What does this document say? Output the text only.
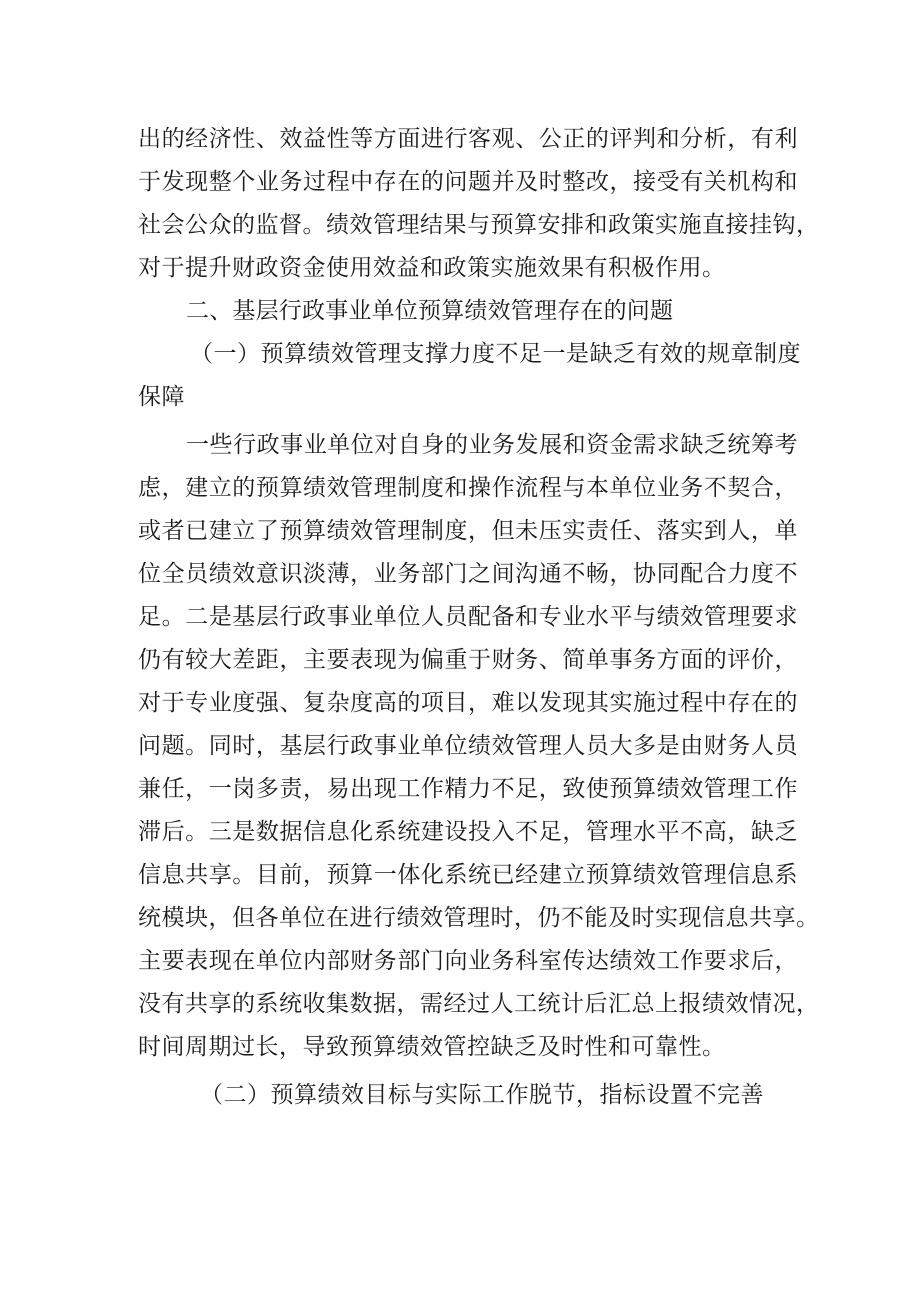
出的经济性、效益性等方面进行客观、公正的评判和分析，有利
于发现整个业务过程中存在的问题并及时整改，接受有关机构和
社会公众的监督。绩效管理结果与预算安排和政策实施直接挂钩，
对于提升财政资金使用效益和政策实施效果有积极作用。
二、基层行政事业单位预算绩效管理存在的问题
（一）预算绩效管理支撑力度不足一是缺乏有效的规章制度
保障
一些行政事业单位对自身的业务发展和资金需求缺乏统筹考
虑，建立的预算绩效管理制度和操作流程与本单位业务不契合，
或者已建立了预算绩效管理制度，但未压实责任、落实到人，单
位全员绩效意识淡薄，业务部门之间沟通不畅，协同配合力度不
足。二是基层行政事业单位人员配备和专业水平与绩效管理要求
仍有较大差距，主要表现为偏重于财务、简单事务方面的评价，
对于专业度强、复杂度高的项目，难以发现其实施过程中存在的
问题。同时，基层行政事业单位绩效管理人员大多是由财务人员
兼任，一岗多责，易出现工作精力不足，致使预算绩效管理工作
滞后。三是数据信息化系统建设投入不足，管理水平不高，缺乏
信息共享。目前，预算一体化系统已经建立预算绩效管理信息系
统模块，但各单位在进行绩效管理时，仍不能及时实现信息共享。
主要表现在单位内部财务部门向业务科室传达绩效工作要求后，
没有共享的系统收集数据，需经过人工统计后汇总上报绩效情况，
时间周期过长，导致预算绩效管控缺乏及时性和可靠性。
（二）预算绩效目标与实际工作脱节，指标设置不完善
